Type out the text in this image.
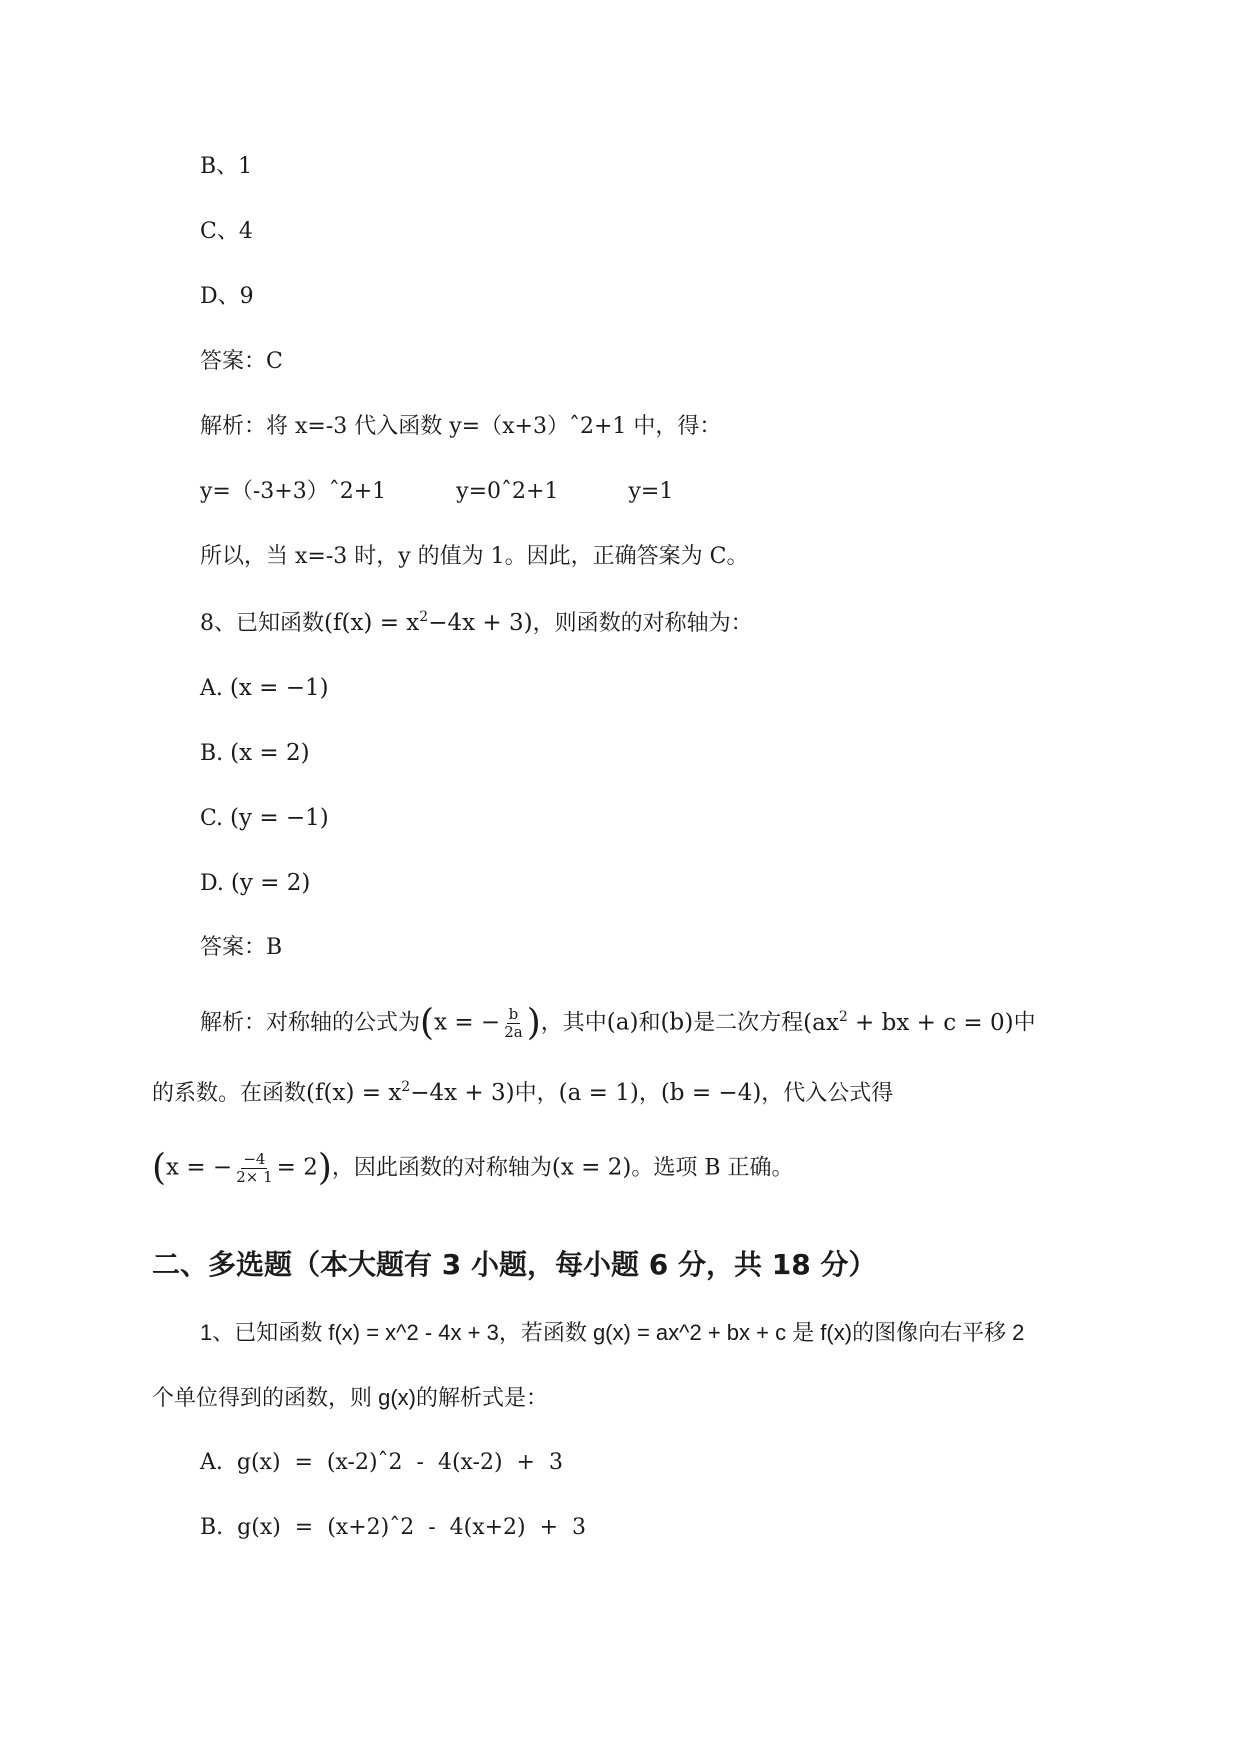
B、1
C、4
D、9
答案：C
解析：将 x=-3 代入函数 y=（x+3）ˆ2+1 中，得：
y=（-3+3）ˆ2+1	y=0ˆ2+1	y=1
所以，当 x=-3 时，y 的值为 1。因此，正确答案为 C。
8、已知函数$(f(x) = x^2-4x + 3)$，则函数的对称轴为：
A. (x = −1)
B. (x = 2)
C. (y = −1)
D. (y = 2)
答案：B
解析：对称轴的公式为(x = − $\frac{b}{2a}$ )，其中(a)和(b)是二次方程($ax^2$ + bx + c = 0)中
的系数。在函数$(f(x) = x^2-4x + 3)$中，(a = 1)，(b = −4)，代入公式得
(x = − $\frac{-4}{2\times 1} = 2$)，因此函数的对称轴为(x = 2)。选项 B 正确。
二、多选题（本大题有 3 小题，每小题 6 分，共 18 分）
1、已知函数 f(x) = x^2 - 4x + 3，若函数 g(x) = ax^2 + bx + c 是 f(x)的图像向右平移 2
个单位得到的函数，则 g(x)的解析式是：
A.  g(x)  =  (x-2)ˆ2  -  4(x-2)  +  3
B.  g(x)  =  (x+2)ˆ2  -  4(x+2)  +  3
